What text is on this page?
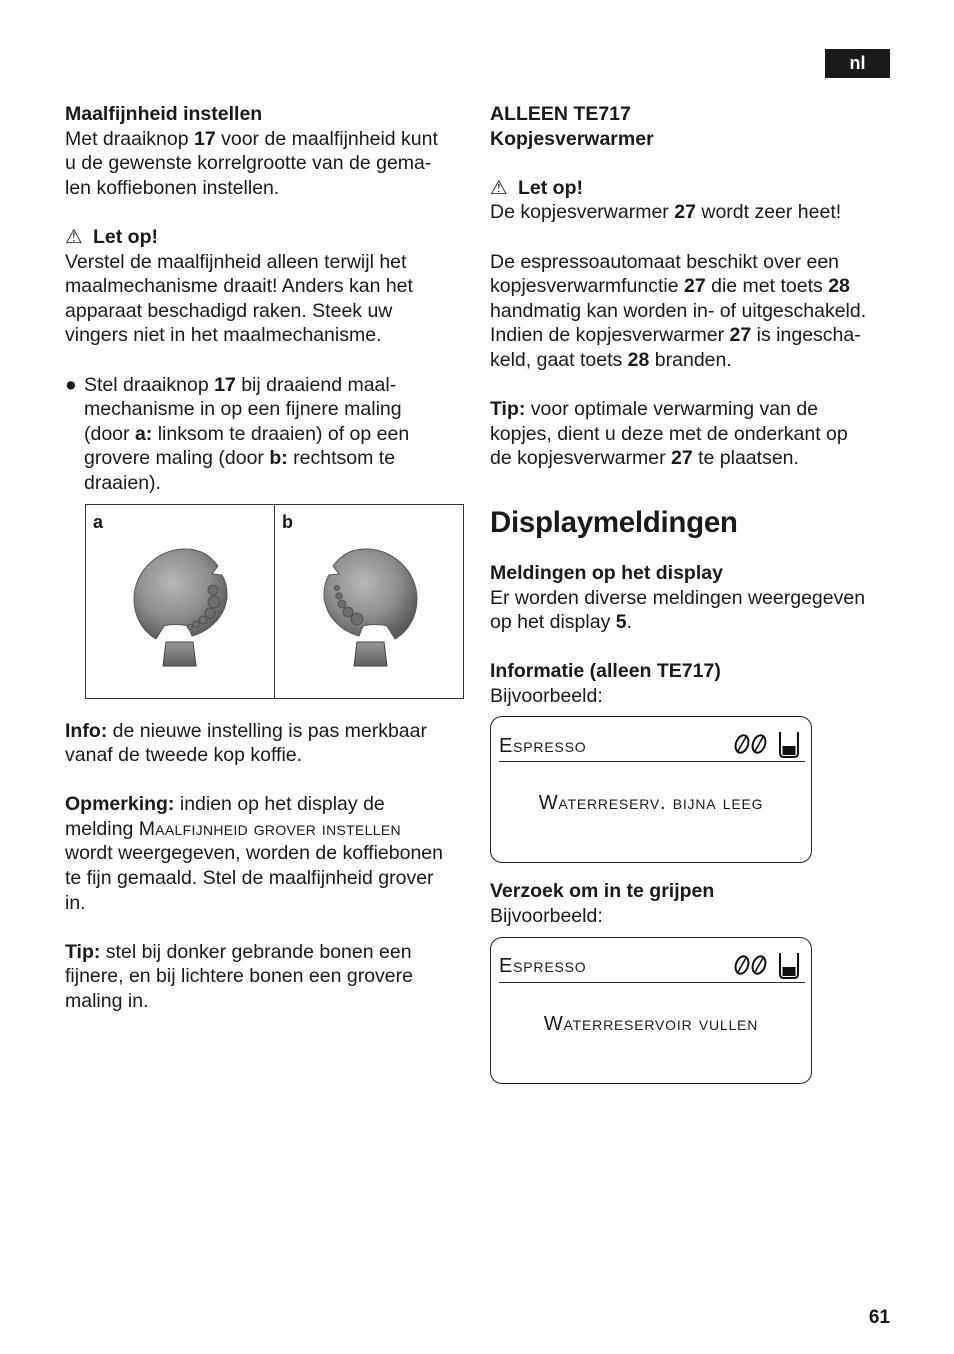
nl

Maalfijnheid instellen

Met draaiknop 17 voor de maalfijnheid kunt

u de gewenste korrelgrootte van de gema-

len koffiebonen instellen.

⚠ Let op!

Verstel de maalfijnheid alleen terwijl het

maalmechanisme draait! Anders kan het

apparaat beschadigd raken. Steek uw

vingers niet in het maalmechanisme.

● Stel draaiknop 17 bij draaiend maal-

mechanisme in op een fijnere maling

(door a: linksom te draaien) of op een

grovere maling (door b: rechtsom te

draaien).

a	b

Info: de nieuwe instelling is pas merkbaar

vanaf de tweede kop koffie.

Opmerking: indien op het display de

melding Maalfijnheid grover instellen

wordt weergegeven, worden de koffiebonen

te fijn gemaald. Stel de maalfijnheid grover

in.

Tip: stel bij donker gebrande bonen een

fijnere, en bij lichtere bonen een grovere

maling in.

ALLEEN TE717

Kopjesverwarmer

⚠ Let op!

De kopjesverwarmer 27 wordt zeer heet!

De espressoautomaat beschikt over een

kopjesverwarmfunctie 27 die met toets 28

handmatig kan worden in- of uitgeschakeld.

Indien de kopjesverwarmer 27 is ingescha-

keld, gaat toets 28 branden.

Tip: voor optimale verwarming van de

kopjes, dient u deze met de onderkant op

de kopjesverwarmer 27 te plaatsen.

Displaymeldingen

Meldingen op het display

Er worden diverse meldingen weergegeven

op het display 5.

Informatie (alleen TE717)

Bijvoorbeeld:

Espresso
Waterreserv. bijna leeg

Verzoek om in te grijpen

Bijvoorbeeld:

Espresso
Waterreservoir vullen
61
